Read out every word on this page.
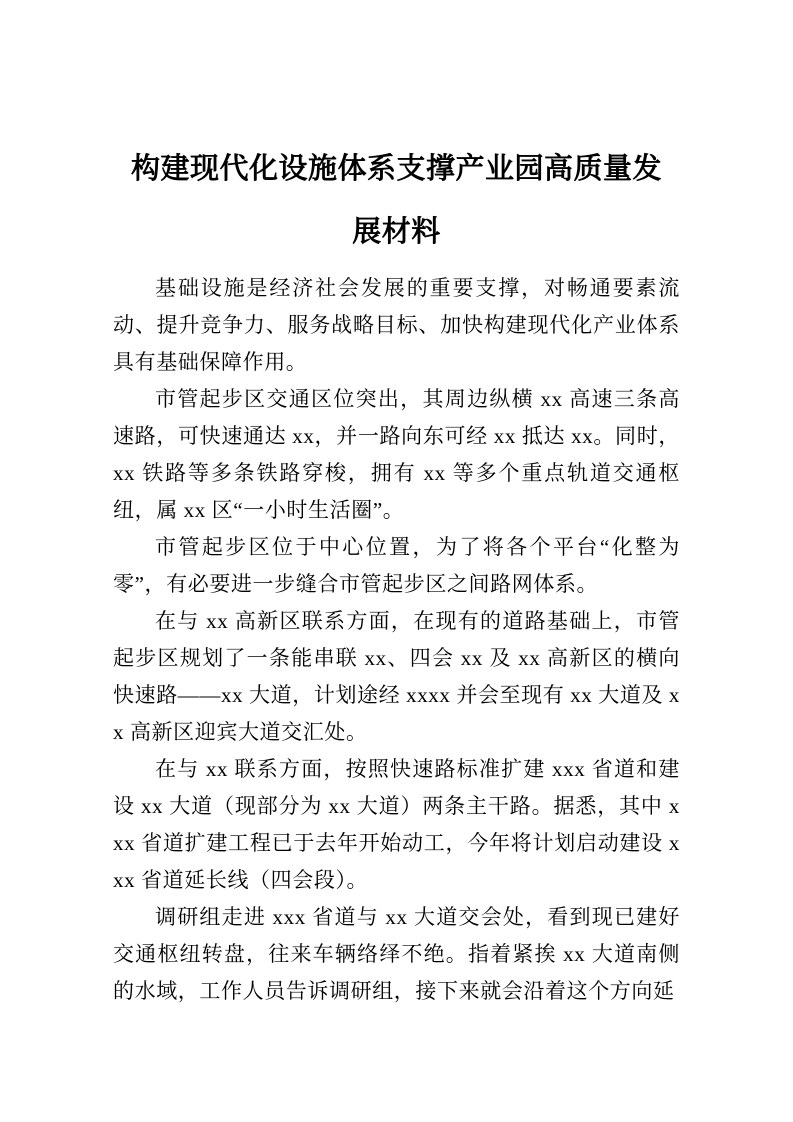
构建现代化设施体系支撑产业园高质量发
展材料

基础设施是经济社会发展的重要支撑，对畅通要素流动、提升竞争力、服务战略目标、加快构建现代化产业体系具有基础保障作用。

市管起步区交通区位突出，其周边纵横 xx 高速三条高速路，可快速通达 xx，并一路向东可经 xx 抵达 xx。同时，xx 铁路等多条铁路穿梭，拥有 xx 等多个重点轨道交通枢纽，属 xx 区“一小时生活圈”。

市管起步区位于中心位置，为了将各个平台“化整为零”，有必要进一步缝合市管起步区之间路网体系。

在与 xx 高新区联系方面，在现有的道路基础上，市管起步区规划了一条能串联 xx、四会 xx 及 xx 高新区的横向快速路——xx 大道，计划途经 xxxx 并会至现有 xx 大道及 xx 高新区迎宾大道交汇处。

在与 xx 联系方面，按照快速路标准扩建 xxx 省道和建设 xx 大道（现部分为 xx 大道）两条主干路。据悉，其中 xxx 省道扩建工程已于去年开始动工，今年将计划启动建设 xxx 省道延长线（四会段）。

调研组走进 xxx 省道与 xx 大道交会处，看到现已建好交通枢纽转盘，往来车辆络绎不绝。指着紧挨 xx 大道南侧的水域，工作人员告诉调研组，接下来就会沿着这个方向延
